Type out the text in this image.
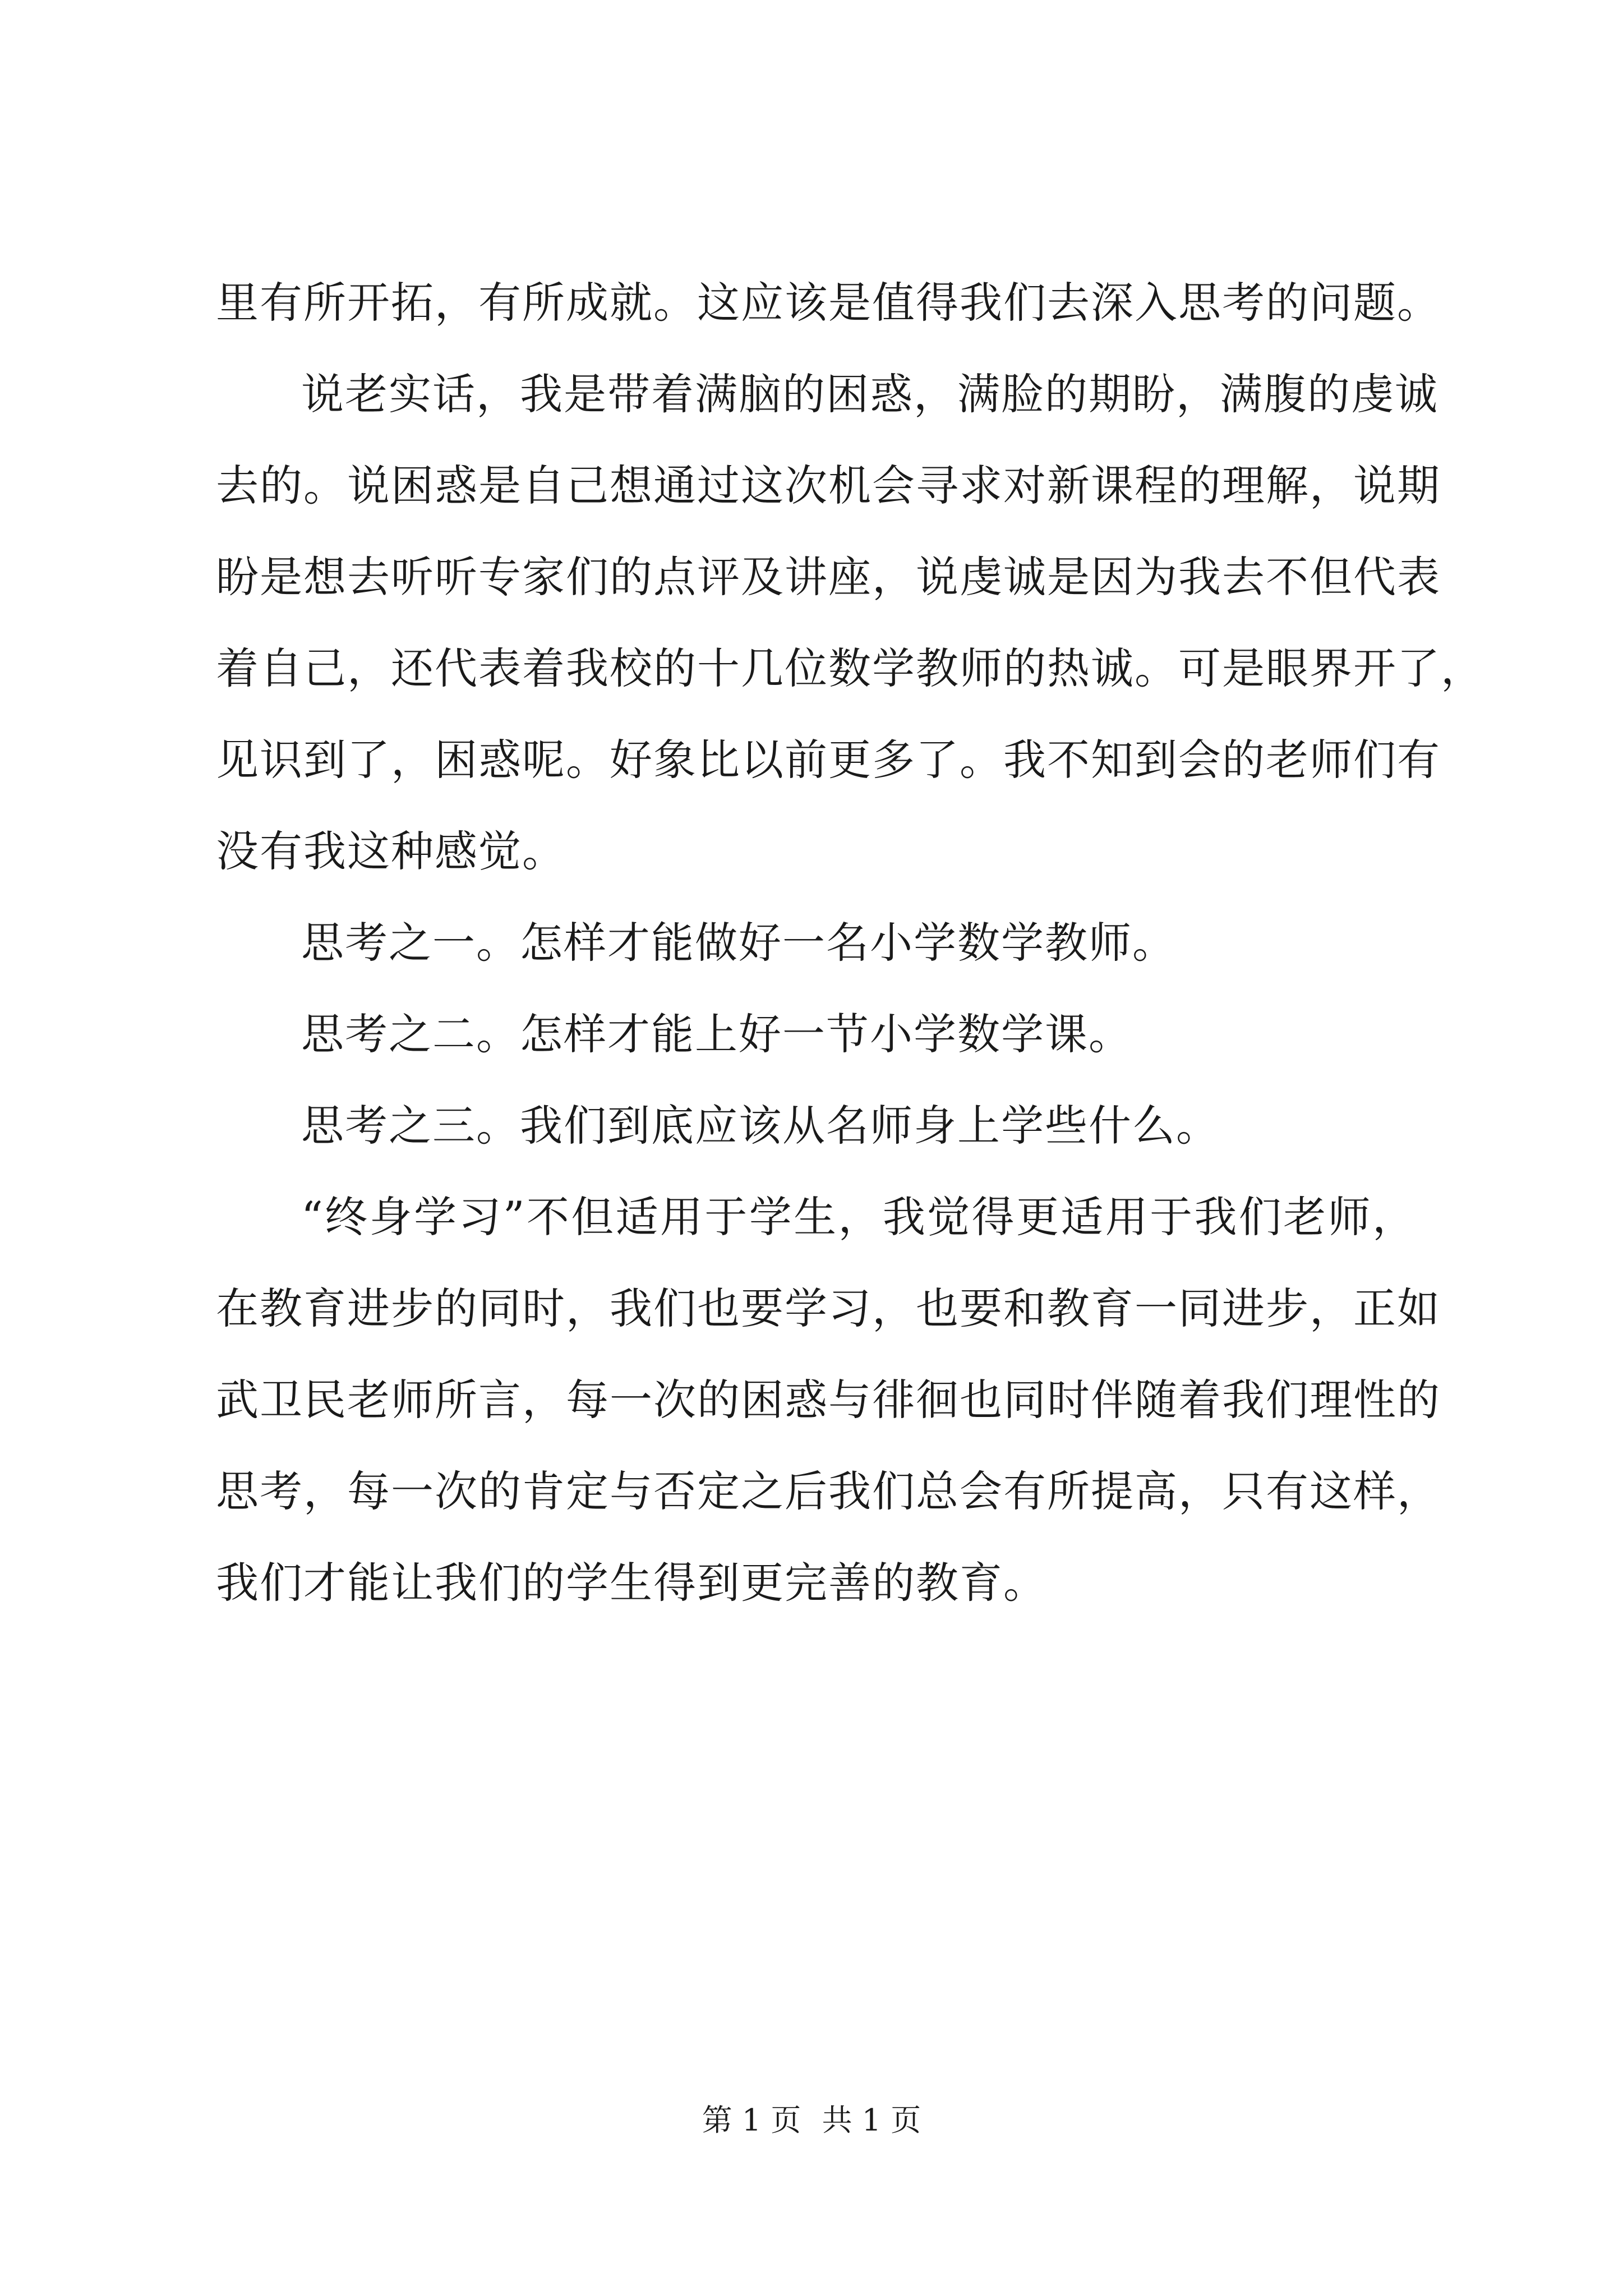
里有所开拓，有所成就。这应该是值得我们去深入思考的问题。
说老实话，我是带着满脑的困惑，满脸的期盼，满腹的虔诚
去的。说困惑是自己想通过这次机会寻求对新课程的理解，说期
盼是想去听听专家们的点评及讲座，说虔诚是因为我去不但代表
着自己，还代表着我校的十几位数学教师的热诚。可是眼界开了，
见识到了，困惑呢。好象比以前更多了。我不知到会的老师们有
没有我这种感觉。
思考之一。怎样才能做好一名小学数学教师。
思考之二。怎样才能上好一节小学数学课。
思考之三。我们到底应该从名师身上学些什么。
“终身学习”不但适用于学生，我觉得更适用于我们老师，
在教育进步的同时，我们也要学习，也要和教育一同进步，正如
武卫民老师所言，每一次的困惑与徘徊也同时伴随着我们理性的
思考，每一次的肯定与否定之后我们总会有所提高，只有这样，
我们才能让我们的学生得到更完善的教育。
第 1 页 共 1 页
